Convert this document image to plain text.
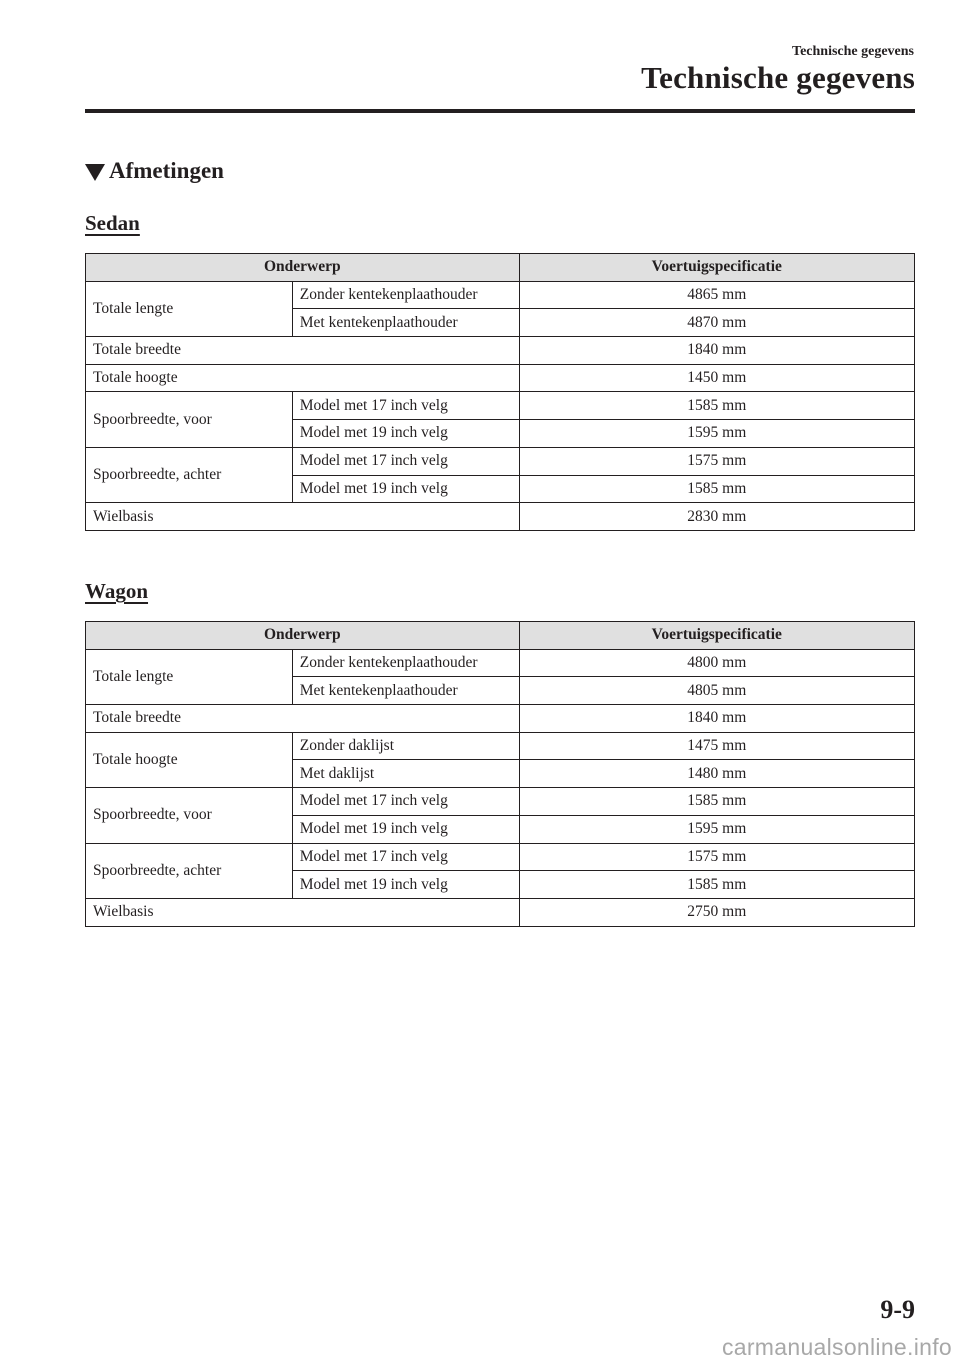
Technische gegevens
Technische gegevens
Afmetingen
Sedan
Onderwerp		Voertuigspecificatie
Totale lengte	Zonder kentekenplaathouder	4865 mm
	Met kentekenplaathouder	4870 mm
Totale breedte		1840 mm
Totale hoogte		1450 mm
Spoorbreedte, voor	Model met 17 inch velg	1585 mm
	Model met 19 inch velg	1595 mm
Spoorbreedte, achter	Model met 17 inch velg	1575 mm
	Model met 19 inch velg	1585 mm
Wielbasis		2830 mm
Wagon
Onderwerp		Voertuigspecificatie
Totale lengte	Zonder kentekenplaathouder	4800 mm
	Met kentekenplaathouder	4805 mm
Totale breedte		1840 mm
Totale hoogte	Zonder daklijst	1475 mm
	Met daklijst	1480 mm
Spoorbreedte, voor	Model met 17 inch velg	1585 mm
	Model met 19 inch velg	1595 mm
Spoorbreedte, achter	Model met 17 inch velg	1575 mm
	Model met 19 inch velg	1585 mm
Wielbasis		2750 mm
9-9
carmanualsonline.info
